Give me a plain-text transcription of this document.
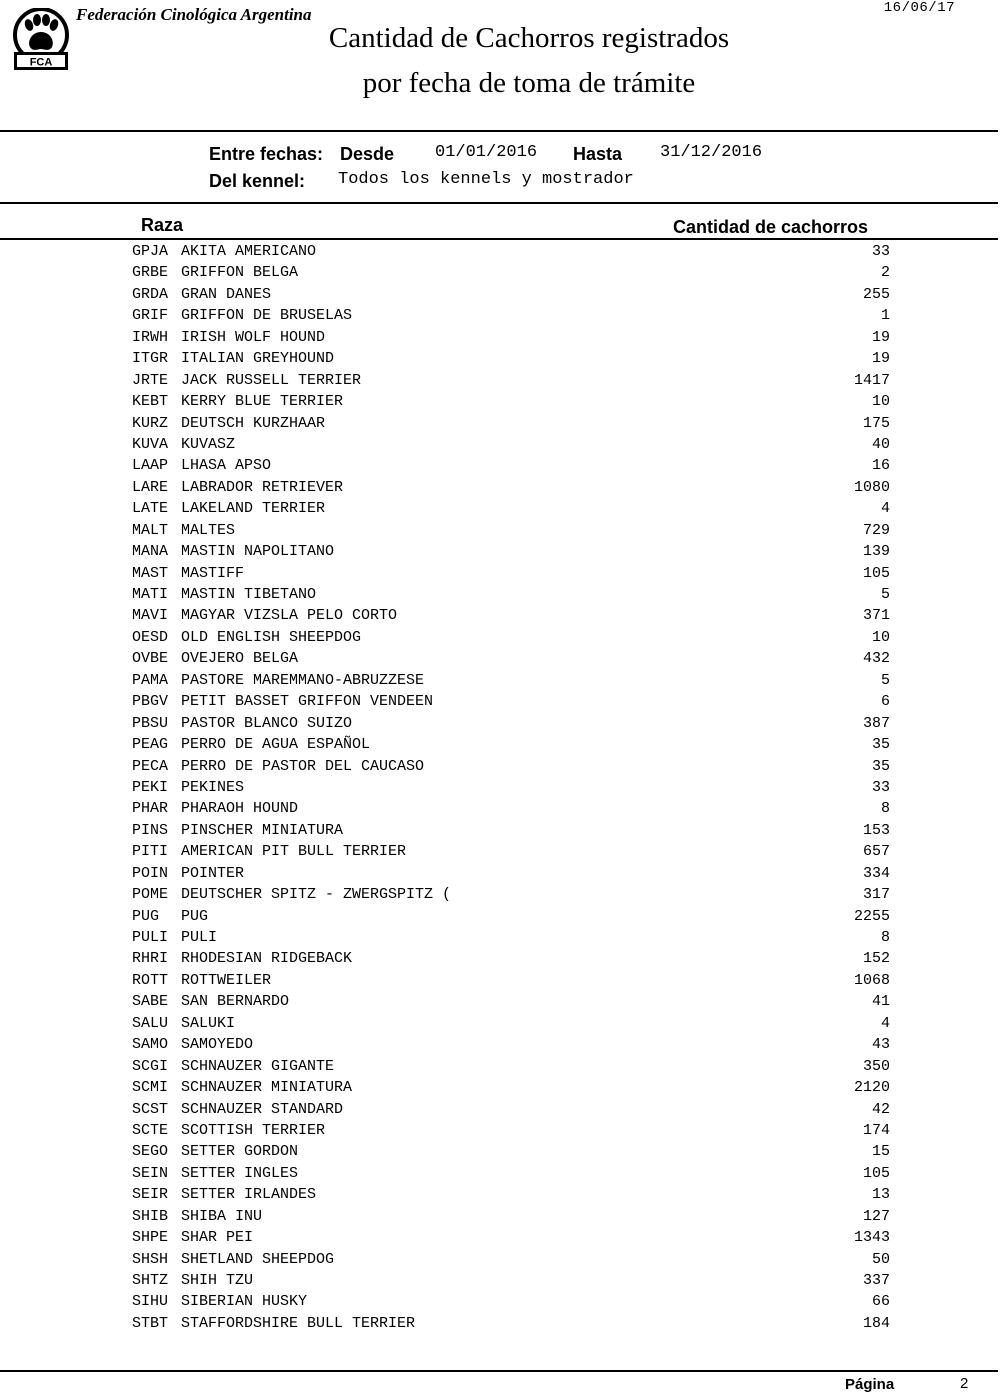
FCA
Federación Cinológica Argentina	16/06/17
Cantidad de Cachorros registrados
por fecha de toma de trámite
Entre fechas: Desde 01/01/2016 Hasta 31/12/2016
Del kennel: Todos los kennels y mostrador
Raza	Cantidad de cachorros
GPJA AKITA AMERICANO	33
GRBE GRIFFON BELGA	2
GRDA GRAN DANES	255
GRIF GRIFFON DE BRUSELAS	1
IRWH IRISH WOLF HOUND	19
ITGR ITALIAN GREYHOUND	19
JRTE JACK RUSSELL TERRIER	1417
KEBT KERRY BLUE TERRIER	10
KURZ DEUTSCH KURZHAAR	175
KUVA KUVASZ	40
LAAP LHASA APSO	16
LARE LABRADOR RETRIEVER	1080
LATE LAKELAND TERRIER	4
MALT MALTES	729
MANA MASTIN NAPOLITANO	139
MAST MASTIFF	105
MATI MASTIN TIBETANO	5
MAVI MAGYAR VIZSLA PELO CORTO	371
OESD OLD ENGLISH SHEEPDOG	10
OVBE OVEJERO BELGA	432
PAMA PASTORE MAREMMANO-ABRUZZESE	5
PBGV PETIT BASSET GRIFFON VENDEEN	6
PBSU PASTOR BLANCO SUIZO	387
PEAG PERRO DE AGUA ESPAÑOL	35
PECA PERRO DE PASTOR DEL CAUCASO	35
PEKI PEKINES	33
PHAR PHARAOH HOUND	8
PINS PINSCHER MINIATURA	153
PITI AMERICAN PIT BULL TERRIER	657
POIN POINTER	334
POME DEUTSCHER SPITZ - ZWERGSPITZ (	317
PUG PUG	2255
PULI PULI	8
RHRI RHODESIAN RIDGEBACK	152
ROTT ROTTWEILER	1068
SABE SAN BERNARDO	41
SALU SALUKI	4
SAMO SAMOYEDO	43
SCGI SCHNAUZER GIGANTE	350
SCMI SCHNAUZER MINIATURA	2120
SCST SCHNAUZER STANDARD	42
SCTE SCOTTISH TERRIER	174
SEGO SETTER GORDON	15
SEIN SETTER INGLES	105
SEIR SETTER IRLANDES	13
SHIB SHIBA INU	127
SHPE SHAR PEI	1343
SHSH SHETLAND SHEEPDOG	50
SHTZ SHIH TZU	337
SIHU SIBERIAN HUSKY	66
STBT STAFFORDSHIRE BULL TERRIER	184
Página	2
